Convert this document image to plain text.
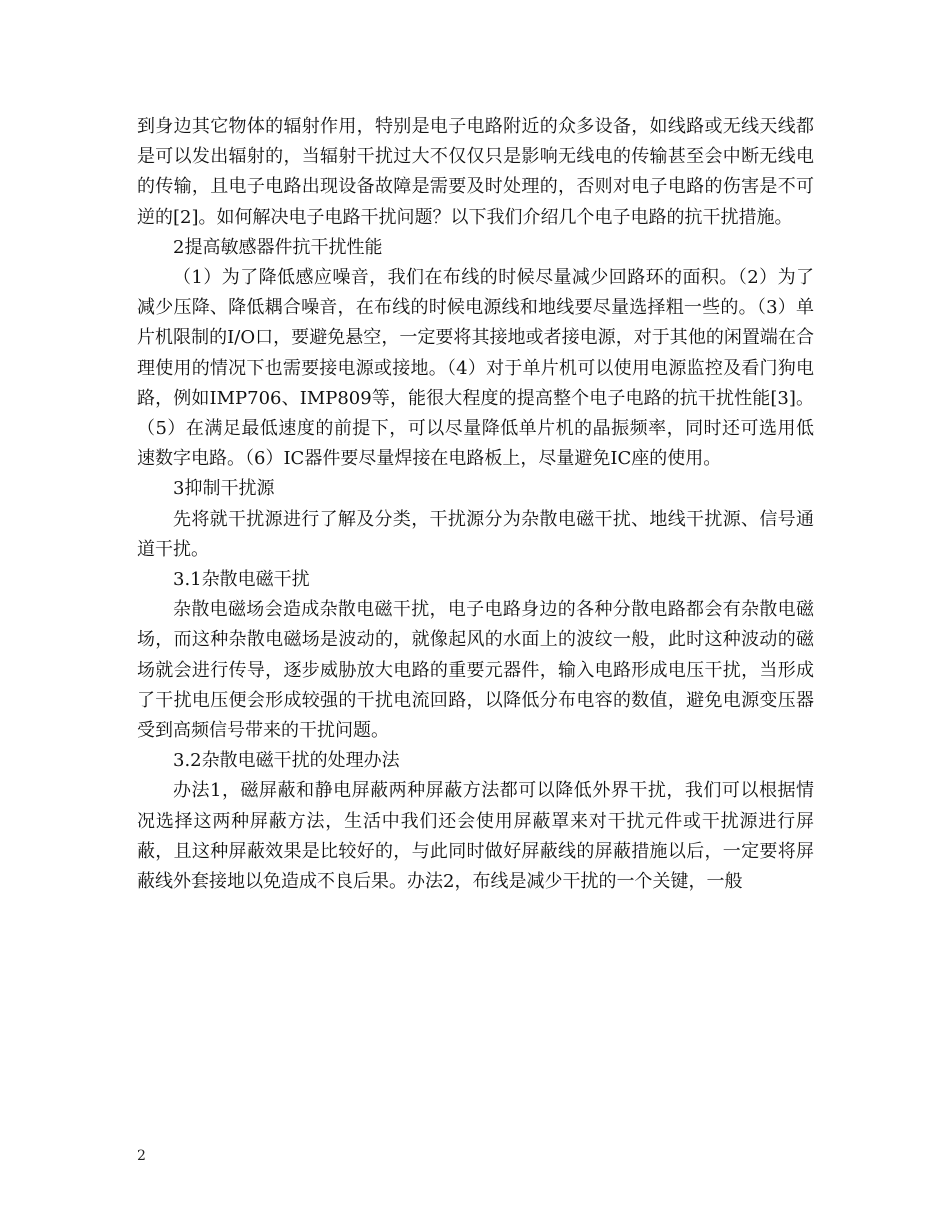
到身边其它物体的辐射作用，特别是电子电路附近的众多设备，如线路或无线天线都是可以发出辐射的，当辐射干扰过大不仅仅只是影响无线电的传输甚至会中断无线电的传输，且电子电路出现设备故障是需要及时处理的，否则对电子电路的伤害是不可逆的[2]。如何解决电子电路干扰问题？以下我们介绍几个电子电路的抗干扰措施。

2提高敏感器件抗干扰性能

（1）为了降低感应噪音，我们在布线的时候尽量减少回路环的面积。（2）为了减少压降、降低耦合噪音，在布线的时候电源线和地线要尽量选择粗一些的。（3）单片机限制的I/O口，要避免悬空，一定要将其接地或者接电源，对于其他的闲置端在合理使用的情况下也需要接电源或接地。（4）对于单片机可以使用电源监控及看门狗电路，例如IMP706、IMP809等，能很大程度的提高整个电子电路的抗干扰性能[3]。（5）在满足最低速度的前提下，可以尽量降低单片机的晶振频率，同时还可选用低速数字电路。（6）IC器件要尽量焊接在电路板上，尽量避免IC座的使用。

3抑制干扰源

先将就干扰源进行了解及分类，干扰源分为杂散电磁干扰、地线干扰源、信号通道干扰。

3.1杂散电磁干扰

杂散电磁场会造成杂散电磁干扰，电子电路身边的各种分散电路都会有杂散电磁场，而这种杂散电磁场是波动的，就像起风的水面上的波纹一般，此时这种波动的磁场就会进行传导，逐步威胁放大电路的重要元器件，输入电路形成电压干扰，当形成了干扰电压便会形成较强的干扰电流回路，以降低分布电容的数值，避免电源变压器受到高频信号带来的干扰问题。

3.2杂散电磁干扰的处理办法

办法1，磁屏蔽和静电屏蔽两种屏蔽方法都可以降低外界干扰，我们可以根据情况选择这两种屏蔽方法，生活中我们还会使用屏蔽罩来对干扰元件或干扰源进行屏蔽，且这种屏蔽效果是比较好的，与此同时做好屏蔽线的屏蔽措施以后，一定要将屏蔽线外套接地以免造成不良后果。办法2，布线是减少干扰的一个关键，一般

2
